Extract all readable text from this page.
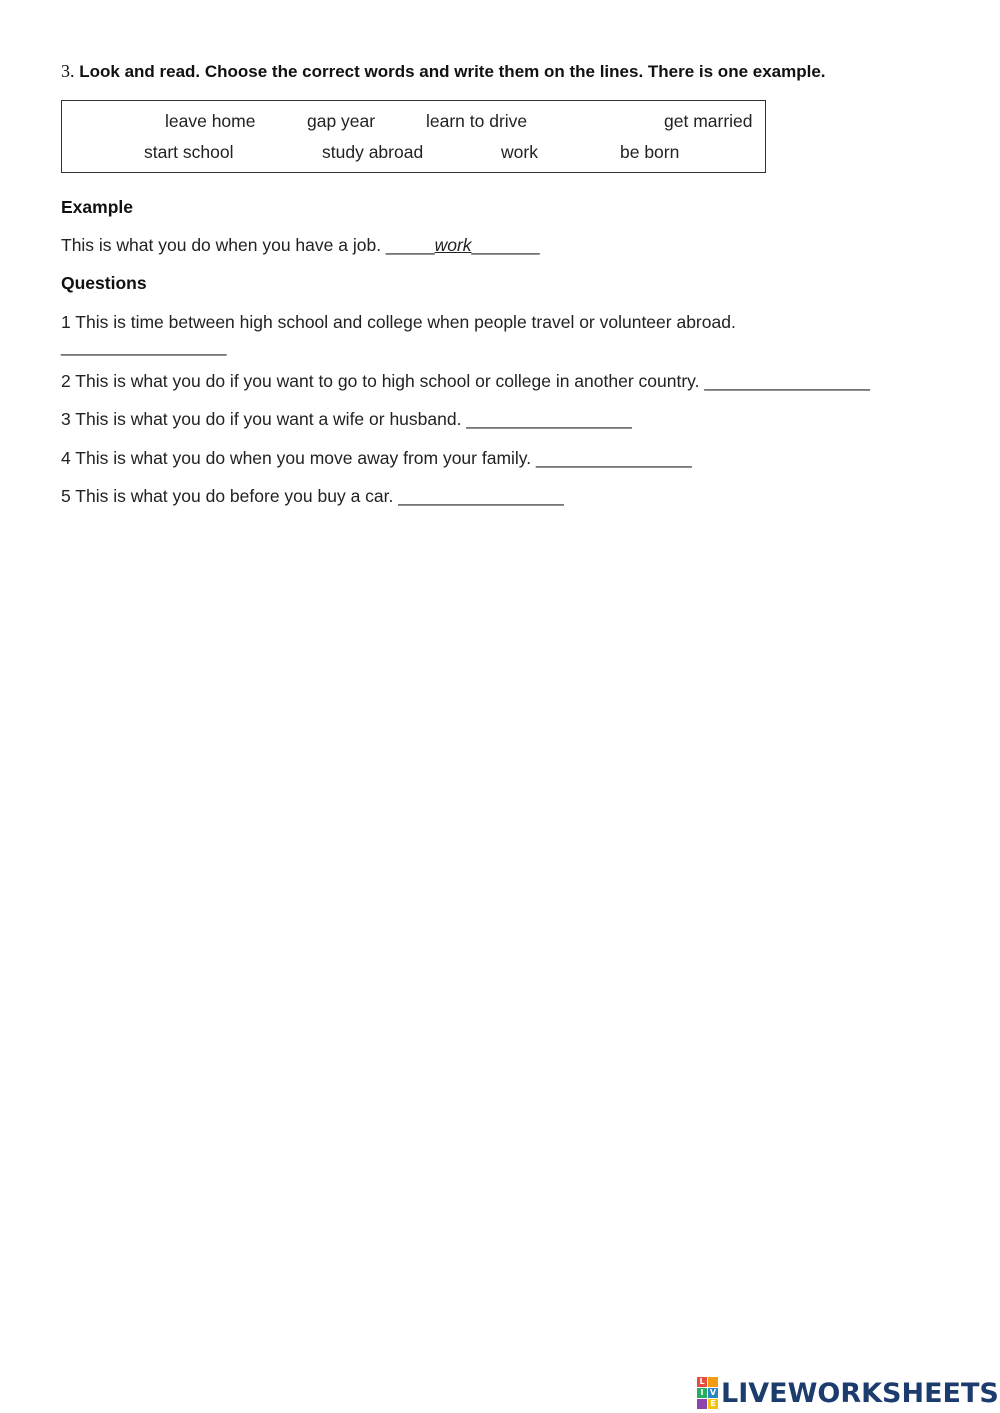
3. Look and read. Choose the correct words and write them on the lines. There is one example.
leave home	gap year	learn to drive	get married
start school	study abroad	work	be born
Example
This is what you do when you have a job. _____work_______
Questions
1 This is time between high school and college when people travel or volunteer abroad.
_________________
2 This is what you do if you want to go to high school or college in another country. _________________
3 This is what you do if you want a wife or husband. _________________
4 This is what you do when you move away from your family. ________________
5 This is what you do before you buy a car. _________________
L
I V
E LIVEWORKSHEETS
